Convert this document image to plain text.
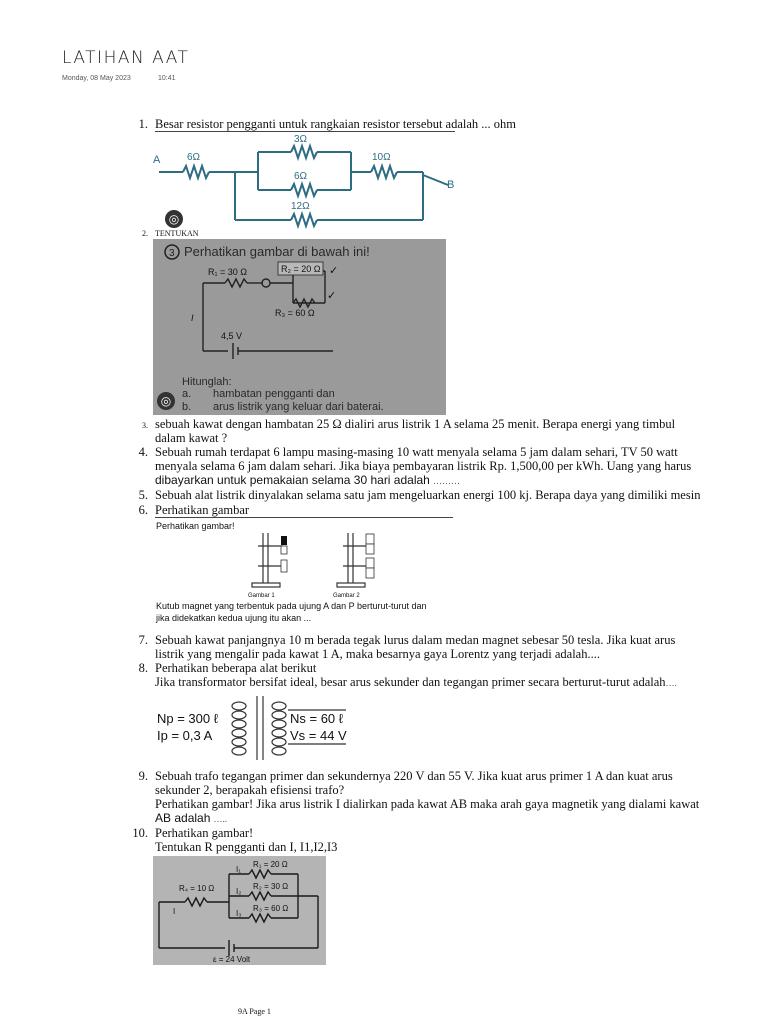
LATIHAN AAT
Monday, 08 May 2023	10:41
1. Besar resistor pengganti untuk rangkaian resistor tersebut adalah ... ohm
A
B
6Ω
3Ω
6Ω
10Ω
12Ω
◎
2. TENTUKAN
3 Perhatikan gambar di bawah ini!
R₁ = 30 Ω	R₂ = 20 Ω ✓
✓
R₃ = 60 Ω
I
4,5 V
Hitunglah:
a. hambatan pengganti dan
b. arus listrik yang keluar dari baterai.
◎
3. sebuah kawat dengan hambatan 25 Ω dialiri arus listrik 1 A selama 25 menit. Berapa energi yang timbul
dalam kawat ?
4. Sebuah rumah terdapat 6 lampu masing-masing 10 watt menyala selama 5 jam dalam sehari, TV 50 watt
menyala selama 6 jam dalam sehari. Jika biaya pembayaran listrik Rp. 1,500,00 per kWh. Uang yang harus
dibayarkan untuk pemakaian selama 30 hari adalah ………
5. Sebuah alat listrik dinyalakan selama satu jam mengeluarkan energi 100 kj. Berapa daya yang dimiliki mesin
6. Perhatikan gambar
Perhatikan gambar!
Gambar 1	Gambar 2
Kutub magnet yang terbentuk pada ujung A dan P berturut-turut dan
jika didekatkan kedua ujung itu akan ...
7. Sebuah kawat panjangnya 10 m berada tegak lurus dalam medan magnet sebesar 50 tesla. Jika kuat arus
listrik yang mengalir pada kawat 1 A, maka besarnya gaya Lorentz yang terjadi adalah....
8. Perhatikan beberapa alat berikut
Jika transformator bersifat ideal, besar arus sekunder dan tegangan primer secara berturut-turut adalah….
Np = 300 ℓ
Ip = 0,3 A
Ns = 60 ℓ
Vs = 44 V
9. Sebuah trafo tegangan primer dan sekundernya 220 V dan 55 V. Jika kuat arus primer 1 A dan kuat arus
sekunder 2, berapakah efisiensi trafo?
Perhatikan gambar! Jika arus listrik I dialirkan pada kawat AB maka arah gaya magnetik yang dialami kawat
AB adalah …..
10. Perhatikan gambar!
Tentukan R pengganti dan I, I1,I2,I3
R₁ = 20 Ω
R₂ = 30 Ω
R₃ = 60 Ω
R₄ = 10 Ω
I
I₁
I₂
I₃
ε = 24 Volt
9A Page 1
